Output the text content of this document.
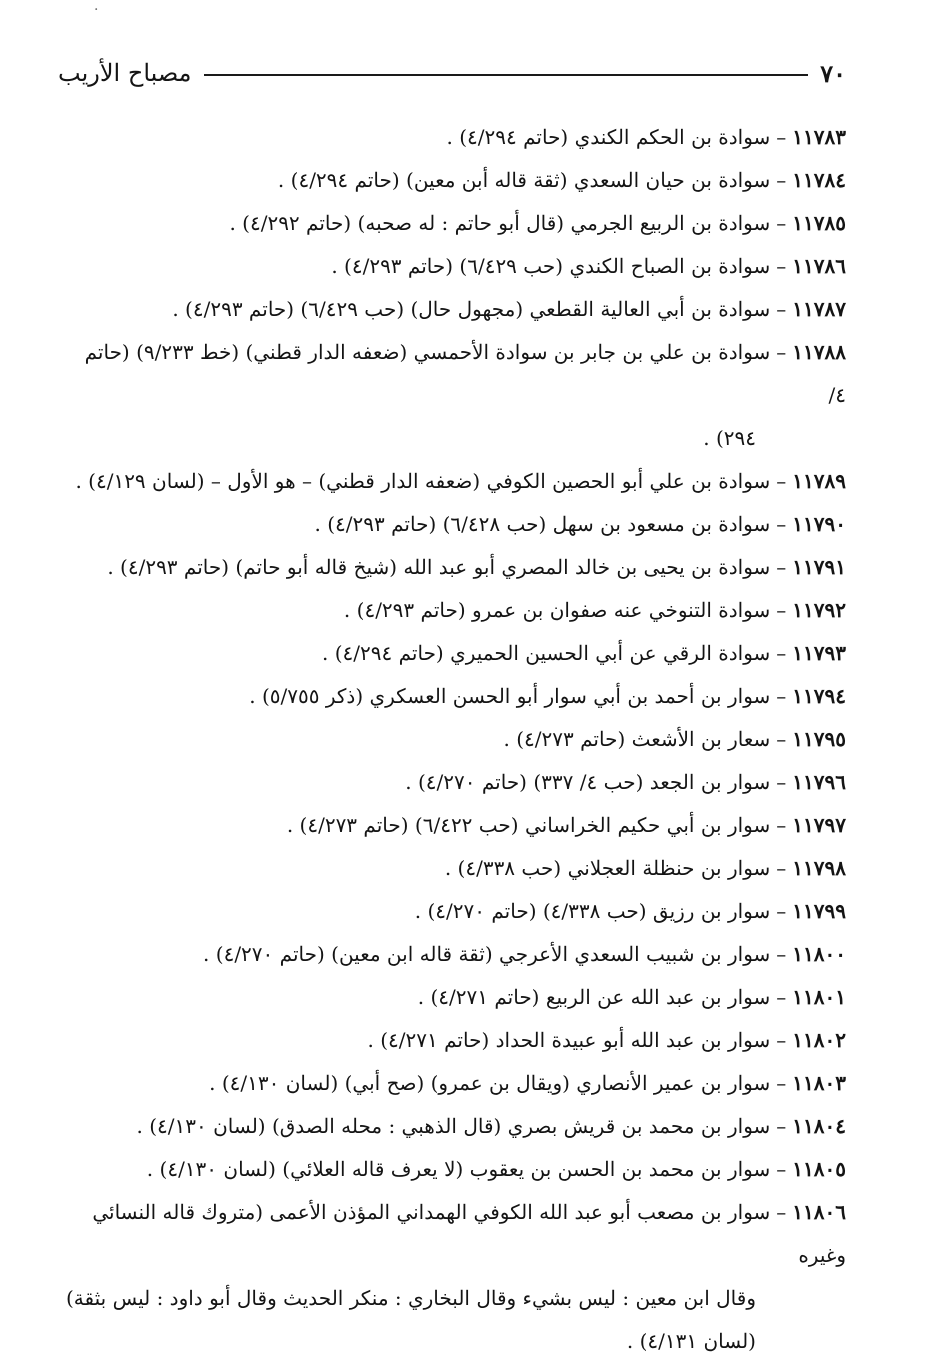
·
٧٠
مصباح الأريب
١١٧٨٣–سوادة بن الحكم الكندي (حاتم ٤/٢٩٤) .
١١٧٨٤–سوادة بن حيان السعدي (ثقة قاله أبن معين) (حاتم ٤/٢٩٤) .
١١٧٨٥–سوادة بن الربيع الجرمي (قال أبو حاتم : له صحبه) (حاتم ٤/٢٩٢) .
١١٧٨٦–سوادة بن الصباح الكندي (حب ٦/٤٢٩) (حاتم ٤/٢٩٣) .
١١٧٨٧–سوادة بن أبي العالية القطعي (مجهول حال) (حب ٦/٤٢٩) (حاتم ٤/٢٩٣) .
١١٧٨٨–سوادة بن علي بن جابر بن سوادة الأحمسي (ضعفه الدار قطني) (خط ٩/٢٣٣) (حاتم ٤/
٢٩٤) .
١١٧٨٩–سوادة بن علي أبو الحصين الكوفي (ضعفه الدار قطني) – هو الأول – (لسان ٤/١٢٩) .
١١٧٩٠–سوادة بن مسعود بن سهل (حب ٦/٤٢٨) (حاتم ٤/٢٩٣) .
١١٧٩١–سوادة بن يحيى بن خالد المصري أبو عبد الله (شيخ قاله أبو حاتم) (حاتم ٤/٢٩٣) .
١١٧٩٢–سوادة التنوخي عنه صفوان بن عمرو (حاتم ٤/٢٩٣) .
١١٧٩٣–سوادة الرقي عن أبي الحسين الحميري (حاتم ٤/٢٩٤) .
١١٧٩٤–سوار بن أحمد بن أبي سوار أبو الحسن العسكري (ذكر ٥/٧٥٥) .
١١٧٩٥–سعار بن الأشعث (حاتم ٤/٢٧٣) .
١١٧٩٦–سوار بن الجعد (حب ٤/ ٣٣٧) (حاتم ٤/٢٧٠) .
١١٧٩٧–سوار بن أبي حكيم الخراساني (حب ٦/٤٢٢) (حاتم ٤/٢٧٣) .
١١٧٩٨–سوار بن حنظلة العجلاني (حب ٤/٣٣٨) .
١١٧٩٩–سوار بن رزيق (حب ٤/٣٣٨) (حاتم ٤/٢٧٠) .
١١٨٠٠–سوار بن شبيب السعدي الأعرجي (ثقة قاله ابن معين) (حاتم ٤/٢٧٠) .
١١٨٠١–سوار بن عبد الله عن الربيع (حاتم ٤/٢٧١) .
١١٨٠٢–سوار بن عبد الله أبو عبيدة الحداد (حاتم ٤/٢٧١) .
١١٨٠٣–سوار بن عمير الأنصاري (ويقال بن عمرو) (صح أبي) (لسان ٤/١٣٠) .
١١٨٠٤–سوار بن محمد بن قريش بصري (قال الذهبي : محله الصدق) (لسان ٤/١٣٠) .
١١٨٠٥–سوار بن محمد بن الحسن بن يعقوب (لا يعرف قاله العلائي) (لسان ٤/١٣٠) .
١١٨٠٦–سوار بن مصعب أبو عبد الله الكوفي الهمداني المؤذن الأعمى (متروك قاله النسائي وغيره
وقال ابن معين : ليس بشيء وقال البخاري : منكر الحديث وقال أبو داود : ليس بثقة)
(لسان ٤/١٣١) .
